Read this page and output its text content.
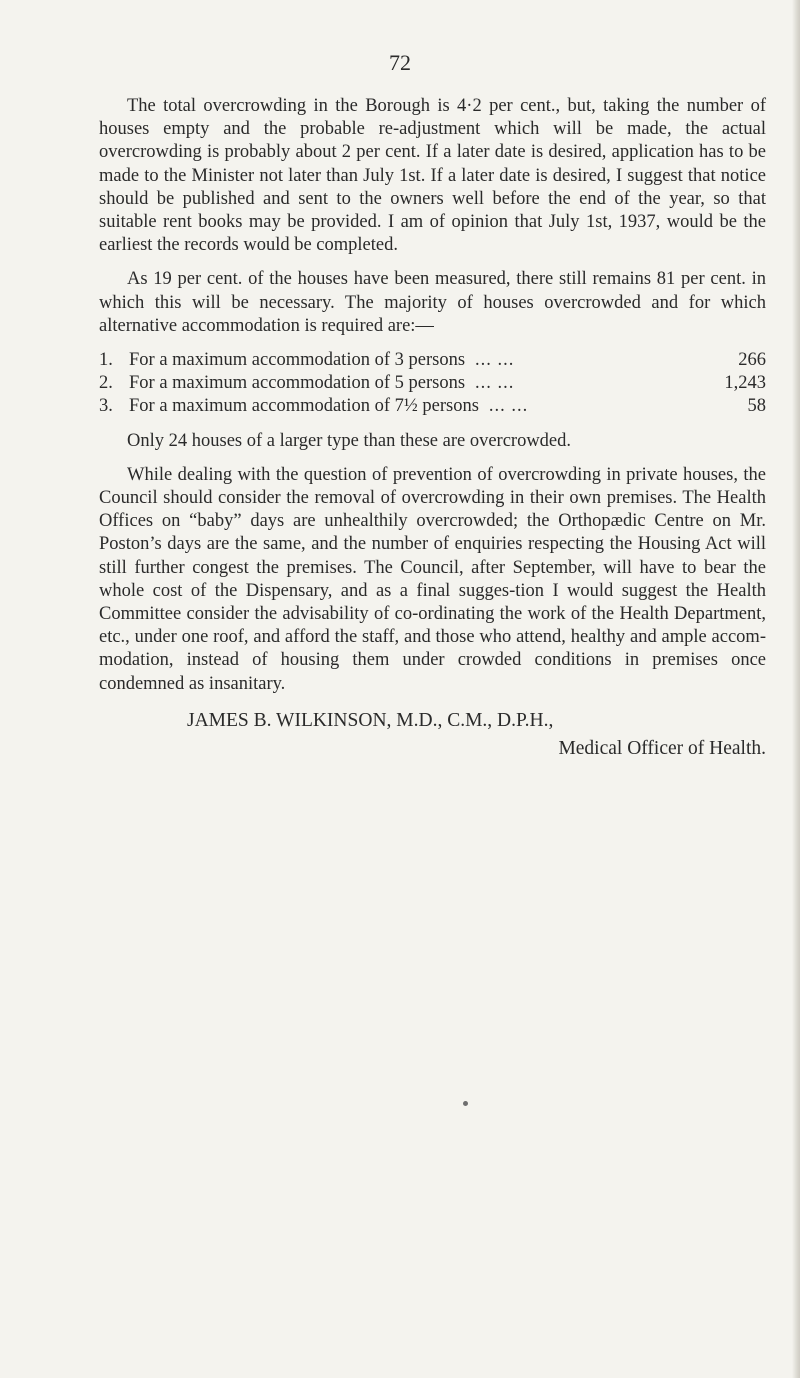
72

The total overcrowding in the Borough is 4·2 per cent., but, taking the number of houses empty and the probable re-adjustment which will be made, the actual overcrowding is probably about 2 per cent. If a later date is desired, application has to be made to the Minister not later than July 1st. If a later date is desired, I suggest that notice should be published and sent to the owners well before the end of the year, so that suitable rent books may be provided. I am of opinion that July 1st, 1937, would be the earliest the records would be completed.

As 19 per cent. of the houses have been measured, there still remains 81 per cent. in which this will be necessary. The majority of houses overcrowded and for which alternative accommodation is required are:—

1. For a maximum accommodation of 3 persons ... ...	266
2. For a maximum accommodation of 5 persons ... ...	1,243
3. For a maximum accommodation of 7½ persons ... ...	58

Only 24 houses of a larger type than these are overcrowded.

While dealing with the question of prevention of overcrowding in private houses, the Council should consider the removal of overcrowding in their own premises. The Health Offices on “baby” days are unhealthily overcrowded; the Orthopædic Centre on Mr. Poston’s days are the same, and the number of enquiries respecting the Housing Act will still further congest the premises. The Council, after September, will have to bear the whole cost of the Dispensary, and as a final sugges-tion I would suggest the Health Committee consider the advisability of co-ordinating the work of the Health Department, etc., under one roof, and afford the staff, and those who attend, healthy and ample accom-modation, instead of housing them under crowded conditions in premises once condemned as insanitary.

JAMES B. WILKINSON, M.D., C.M., D.P.H.,
Medical Officer of Health.
